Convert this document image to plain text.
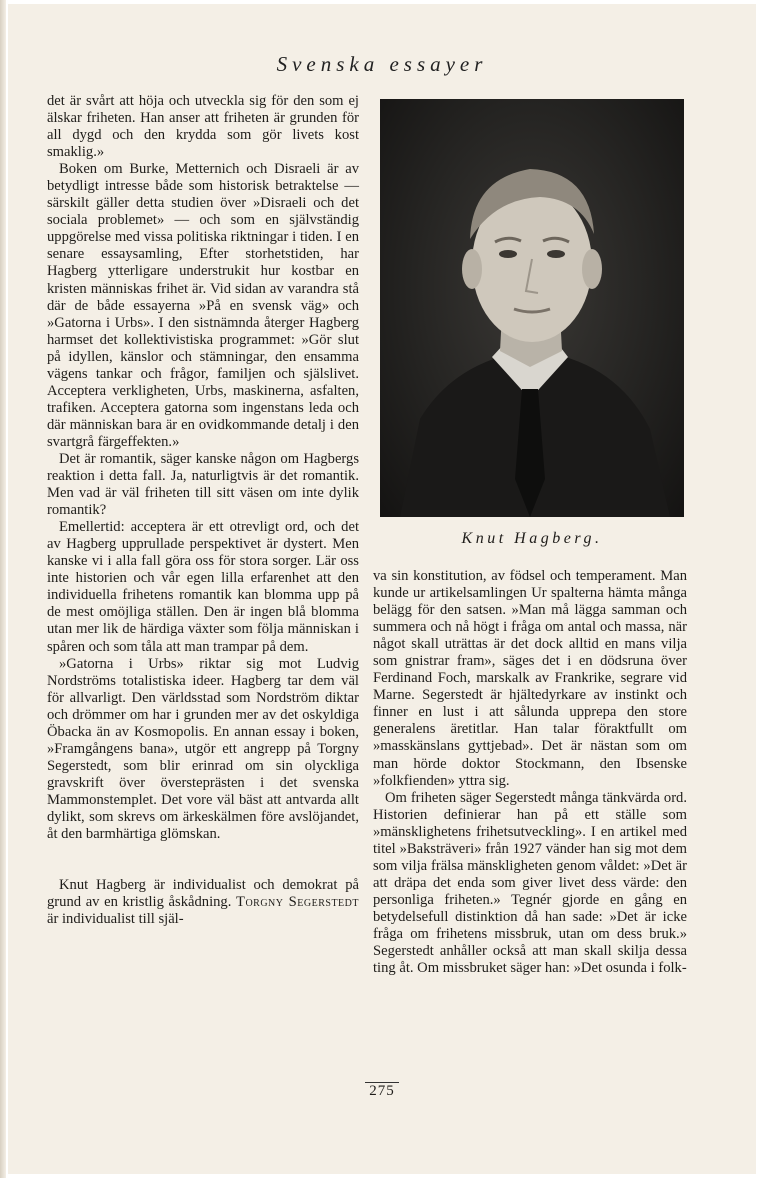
Svenska essayer

det är svårt att höja och utveckla sig för den som ej älskar friheten. Han anser att friheten är grunden för all dygd och den krydda som gör livets kost smaklig.»

Boken om Burke, Metternich och Disraeli är av betydligt intresse både som historisk betraktelse — särskilt gäller detta studien över »Disraeli och det sociala problemet» — och som en självständig uppgörelse med vissa politiska riktningar i tiden. I en senare essaysamling, Efter storhetstiden, har Hagberg ytterligare understrukit hur kostbar en kristen människas frihet är. Vid sidan av varandra stå där de både essayerna »På en svensk väg» och »Gatorna i Urbs». I den sistnämnda återger Hagberg harmset det kollektivistiska programmet: »Gör slut på idyllen, känslor och stämningar, den ensamma vägens tankar och frågor, familjen och själslivet. Acceptera verkligheten, Urbs, maskinerna, asfalten, trafiken. Acceptera gatorna som ingenstans leda och där människan bara är en ovidkommande detalj i den svartgrå färgeffekten.»

Det är romantik, säger kanske någon om Hagbergs reaktion i detta fall. Ja, naturligtvis är det romantik. Men vad är väl friheten till sitt väsen om inte dylik romantik?

Emellertid: acceptera är ett otrevligt ord, och det av Hagberg upprullade perspektivet är dystert. Men kanske vi i alla fall göra oss för stora sorger. Lär oss inte historien och vår egen lilla erfarenhet att den individuella frihetens romantik kan blomma upp på de mest omöjliga ställen. Den är ingen blå blomma utan mer lik de härdiga växter som följa människan i spåren och som tåla att man trampar på dem.

»Gatorna i Urbs» riktar sig mot Ludvig Nordströms totalistiska ideer. Hagberg tar dem väl för allvarligt. Den världsstad som Nordström diktar och drömmer om har i grunden mer av det oskyldiga Öbacka än av Kosmopolis. En annan essay i boken, »Framgångens bana», utgör ett angrepp på Torgny Segerstedt, som blir erinrad om sin olyckliga gravskrift över översteprästen i det svenska Mammonstemplet. Det vore väl bäst att antvarda allt dylikt, som skrevs om ärkeskälmen före avslöjandet, åt den barmhärtiga glömskan.

Knut Hagberg är individualist och demokrat på grund av en kristlig åskådning. Torgny Segerstedt är individualist till själ-

Knut Hagberg.

va sin konstitution, av födsel och temperament. Man kunde ur artikelsamlingen Ur spalterna hämta många belägg för den satsen. »Man må lägga samman och summera och nå högt i fråga om antal och massa, när något skall uträttas är det dock alltid en mans vilja som gnistrar fram», säges det i en dödsruna över Ferdinand Foch, marskalk av Frankrike, segrare vid Marne. Segerstedt är hjältedyrkare av instinkt och finner en lust i att sålunda upprepa den store generalens äretitlar. Han talar föraktfullt om »masskänslans gyttjebad». Det är nästan som om man hörde doktor Stockmann, den Ibsenske »folkfienden» yttra sig.

Om friheten säger Segerstedt många tänkvärda ord. Historien definierar han på ett ställe som »mänsklighetens frihetsutveckling». I en artikel med titel »Baksträveri» från 1927 vänder han sig mot dem som vilja frälsa mänskligheten genom våldet: »Det är att dräpa det enda som giver livet dess värde: den personliga friheten.» Tegnér gjorde en gång en betydelsefull distinktion då han sade: »Det är icke fråga om frihetens missbruk, utan om dess bruk.» Segerstedt anhåller också att man skall skilja dessa ting åt. Om missbruket säger han: »Det osunda i folk-

275
